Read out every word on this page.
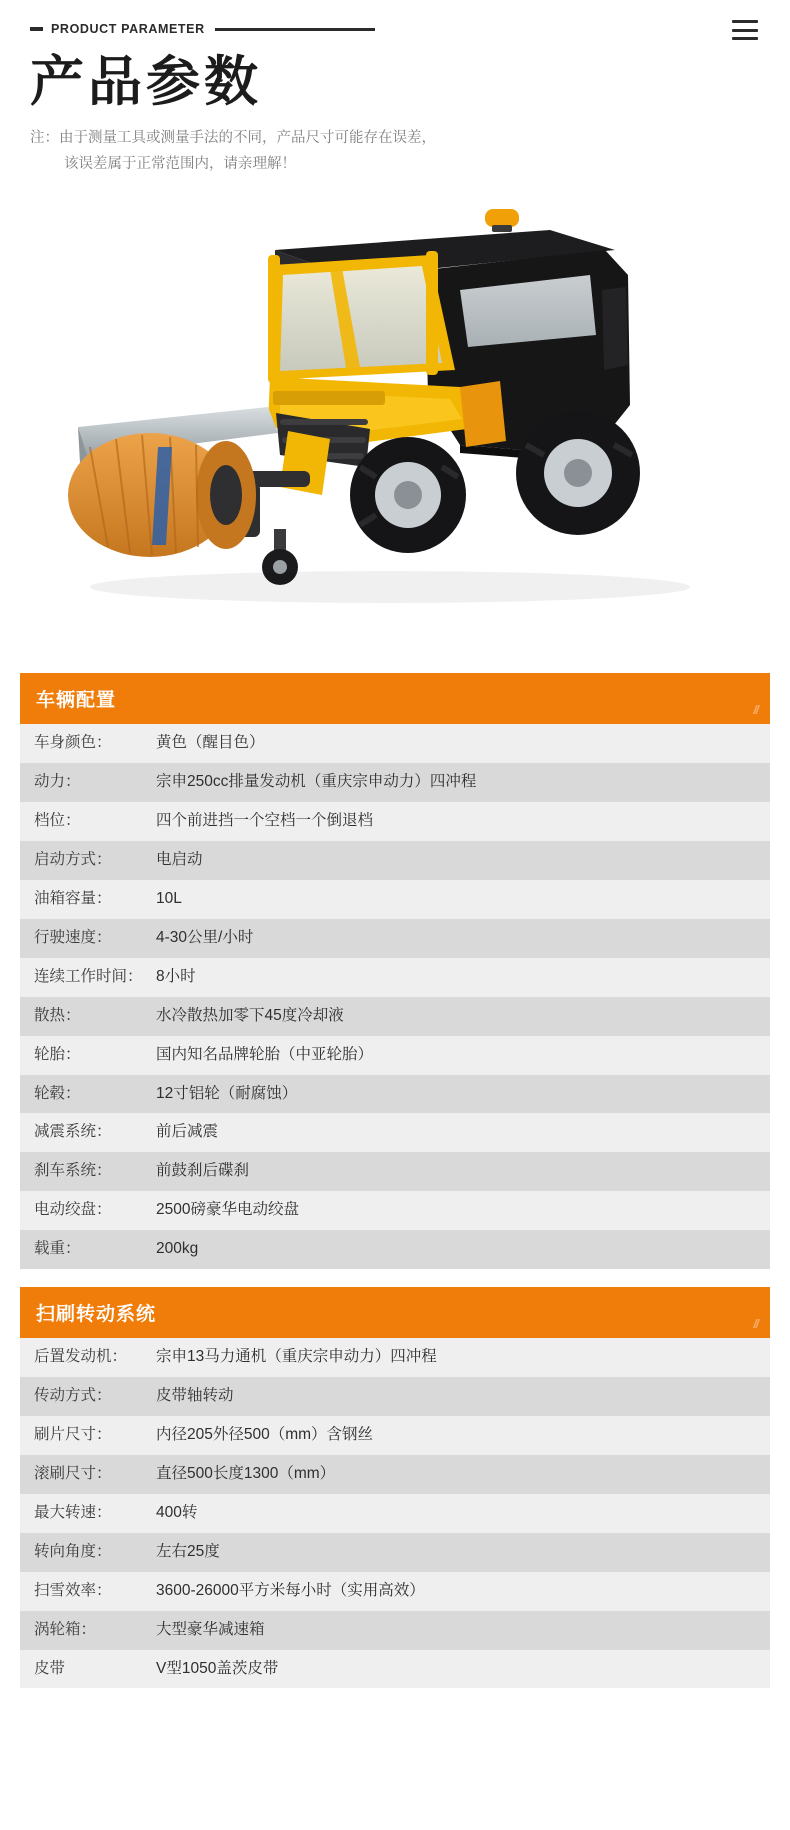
PRODUCT PARAMETER
产品参数
注：由于测量工具或测量手法的不同，产品尺寸可能存在误差，
该误差属于正常范围内，请亲理解！
车辆配置	//
车身颜色：	黄色（醒目色）
动力：	宗申250cc排量发动机（重庆宗申动力）四冲程
档位：	四个前进挡一个空档一个倒退档
启动方式：	电启动
油箱容量：	10L
行驶速度：	4-30公里/小时
连续工作时间：	8小时
散热：	水冷散热加零下45度冷却液
轮胎：	国内知名品牌轮胎（中亚轮胎）
轮毂：	12寸铝轮（耐腐蚀）
减震系统：	前后减震
刹车系统：	前鼓刹后碟刹
电动绞盘：	2500磅豪华电动绞盘
载重：	200kg
扫刷转动系统	//
后置发动机：	宗申13马力通机（重庆宗申动力）四冲程
传动方式：	皮带轴转动
刷片尺寸：	内径205外径500（mm）含钢丝
滚刷尺寸：	直径500长度1300（mm）
最大转速：	400转
转向角度：	左右25度
扫雪效率：	3600-26000平方米每小时（实用高效）
涡轮箱：	大型豪华减速箱
皮带	V型1050盖茨皮带
